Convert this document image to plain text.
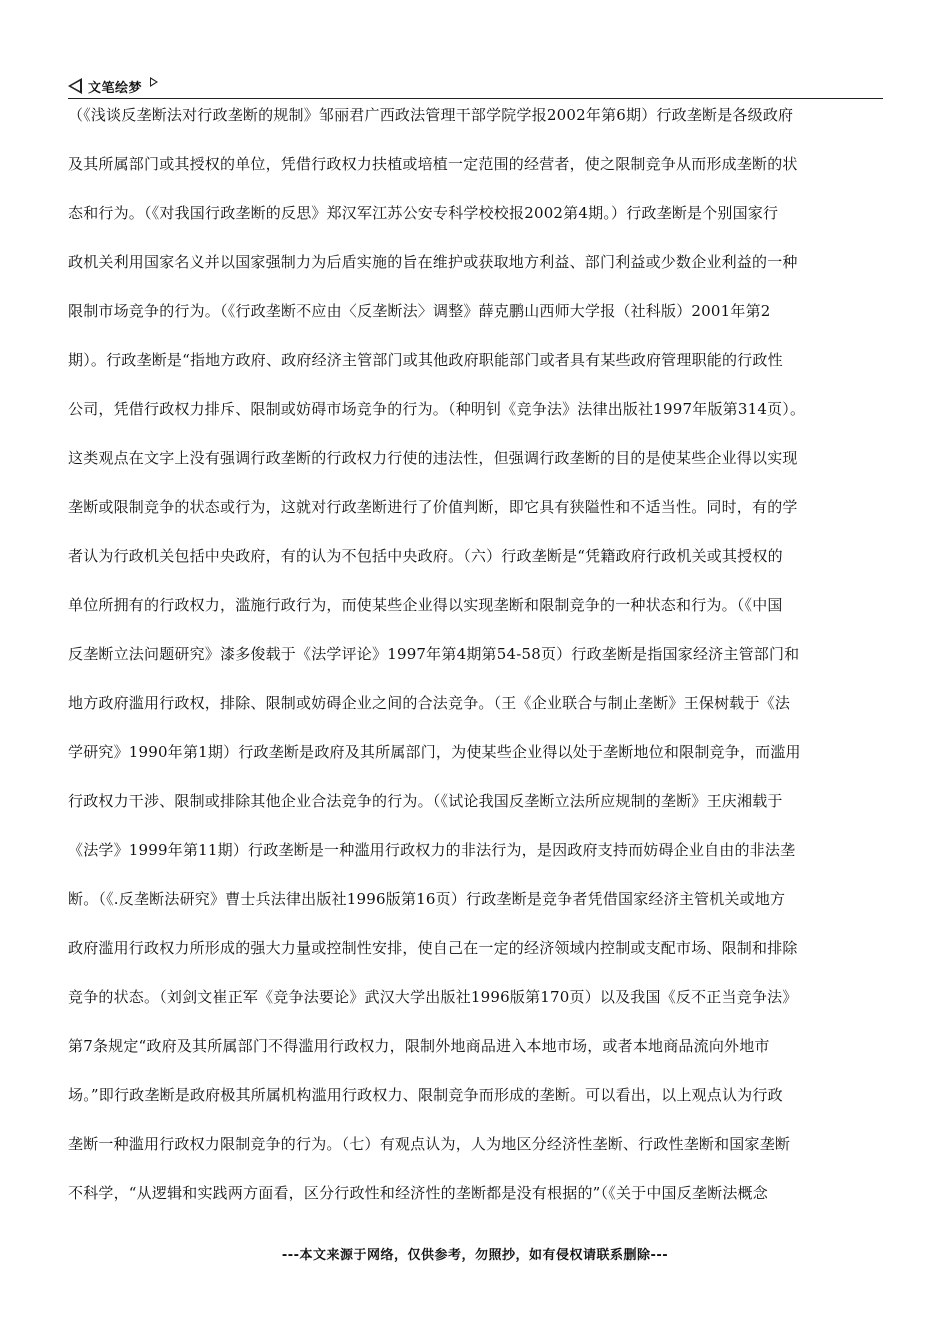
文笔绘梦
（《浅谈反垄断法对行政垄断的规制》邹丽君广西政法管理干部学院学报2002年第6期）行政垄断是各级政府
及其所属部门或其授权的单位，凭借行政权力扶植或培植一定范围的经营者，使之限制竞争从而形成垄断的状
态和行为。（《对我国行政垄断的反思》郑汉军江苏公安专科学校校报2002第4期。）行政垄断是个别国家行
政机关利用国家名义并以国家强制力为后盾实施的旨在维护或获取地方利益、部门利益或少数企业利益的一种
限制市场竞争的行为。（《行政垄断不应由〈反垄断法〉调整》薛克鹏山西师大学报（社科版）2001年第2
期）。行政垄断是“指地方政府、政府经济主管部门或其他政府职能部门或者具有某些政府管理职能的行政性
公司，凭借行政权力排斥、限制或妨碍市场竞争的行为。（种明钊《竞争法》法律出版社1997年版第314页）。
这类观点在文字上没有强调行政垄断的行政权力行使的违法性，但强调行政垄断的目的是使某些企业得以实现
垄断或限制竞争的状态或行为，这就对行政垄断进行了价值判断，即它具有狭隘性和不适当性。同时，有的学
者认为行政机关包括中央政府，有的认为不包括中央政府。（六）行政垄断是“凭籍政府行政机关或其授权的
单位所拥有的行政权力，滥施行政行为，而使某些企业得以实现垄断和限制竞争的一种状态和行为。（《中国
反垄断立法问题研究》漆多俊载于《法学评论》1997年第4期第54-58页）行政垄断是指国家经济主管部门和
地方政府滥用行政权，排除、限制或妨碍企业之间的合法竞争。（王《企业联合与制止垄断》王保树载于《法
学研究》1990年第1期）行政垄断是政府及其所属部门，为使某些企业得以处于垄断地位和限制竞争，而滥用
行政权力干涉、限制或排除其他企业合法竞争的行为。（《试论我国反垄断立法所应规制的垄断》王庆湘载于
《法学》1999年第11期）行政垄断是一种滥用行政权力的非法行为，是因政府支持而妨碍企业自由的非法垄
断。（《.反垄断法研究》曹士兵法律出版社1996版第16页）行政垄断是竞争者凭借国家经济主管机关或地方
政府滥用行政权力所形成的强大力量或控制性安排，使自己在一定的经济领域内控制或支配市场、限制和排除
竞争的状态。（刘剑文崔正军《竞争法要论》武汉大学出版社1996版第170页）以及我国《反不正当竞争法》
第7条规定“政府及其所属部门不得滥用行政权力，限制外地商品进入本地市场，或者本地商品流向外地市
场。”即行政垄断是政府极其所属机构滥用行政权力、限制竞争而形成的垄断。可以看出，以上观点认为行政
垄断一种滥用行政权力限制竞争的行为。（七）有观点认为，人为地区分经济性垄断、行政性垄断和国家垄断
不科学，“从逻辑和实践两方面看，区分行政性和经济性的垄断都是没有根据的”（《关于中国反垄断法概念
---本文来源于网络，仅供参考，勿照抄，如有侵权请联系删除---
